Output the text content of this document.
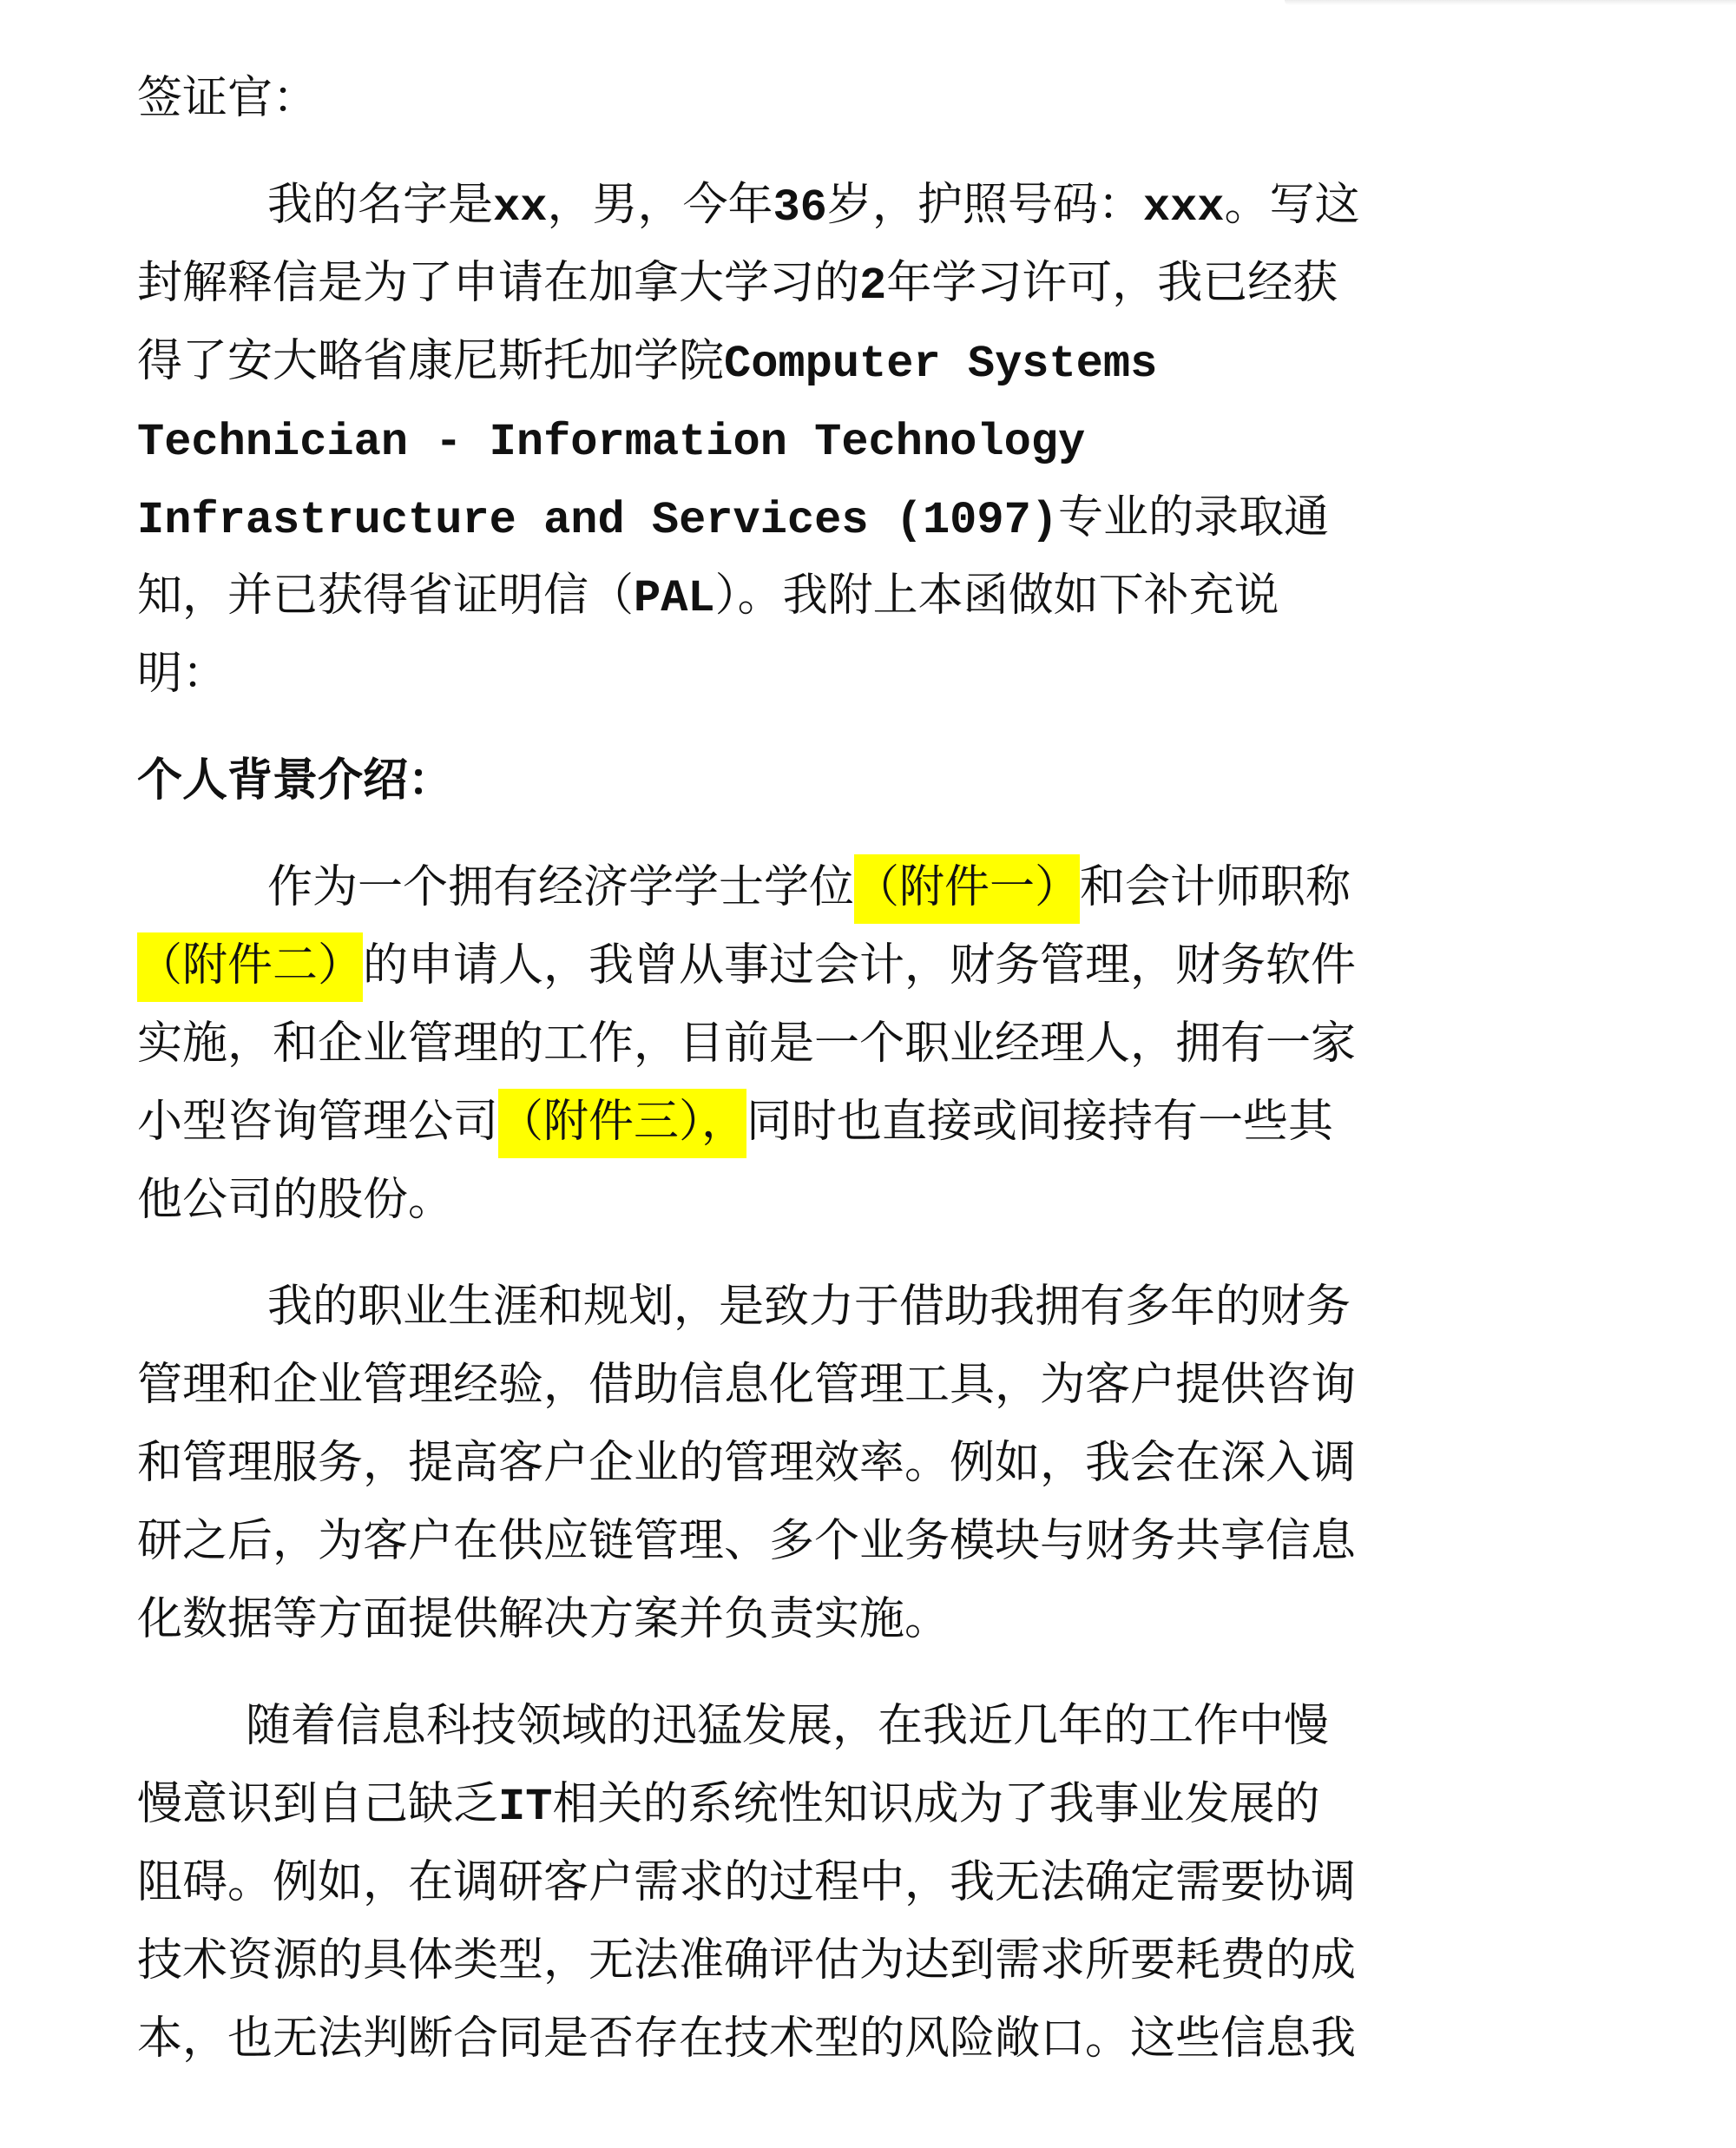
签证官：
我的名字是xx，男，今年36岁，护照号码：xxx。写这
封解释信是为了申请在加拿大学习的2年学习许可，我已经获
得了安大略省康尼斯托加学院Computer Systems
Technician - Information Technology
Infrastructure and Services (1097)专业的录取通
知，并已获得省证明信（PAL）。我附上本函做如下补充说
明：
个人背景介绍：
作为一个拥有经济学学士学位（附件一）和会计师职称
（附件二）的申请人，我曾从事过会计，财务管理，财务软件
实施，和企业管理的工作，目前是一个职业经理人，拥有一家
小型咨询管理公司（附件三），同时也直接或间接持有一些其
他公司的股份。
我的职业生涯和规划，是致力于借助我拥有多年的财务
管理和企业管理经验，借助信息化管理工具，为客户提供咨询
和管理服务，提高客户企业的管理效率。例如，我会在深入调
研之后，为客户在供应链管理、多个业务模块与财务共享信息
化数据等方面提供解决方案并负责实施。
随着信息科技领域的迅猛发展，在我近几年的工作中慢
慢意识到自己缺乏IT相关的系统性知识成为了我事业发展的
阻碍。例如，在调研客户需求的过程中，我无法确定需要协调
技术资源的具体类型，无法准确评估为达到需求所要耗费的成
本，也无法判断合同是否存在技术型的风险敞口。这些信息我
